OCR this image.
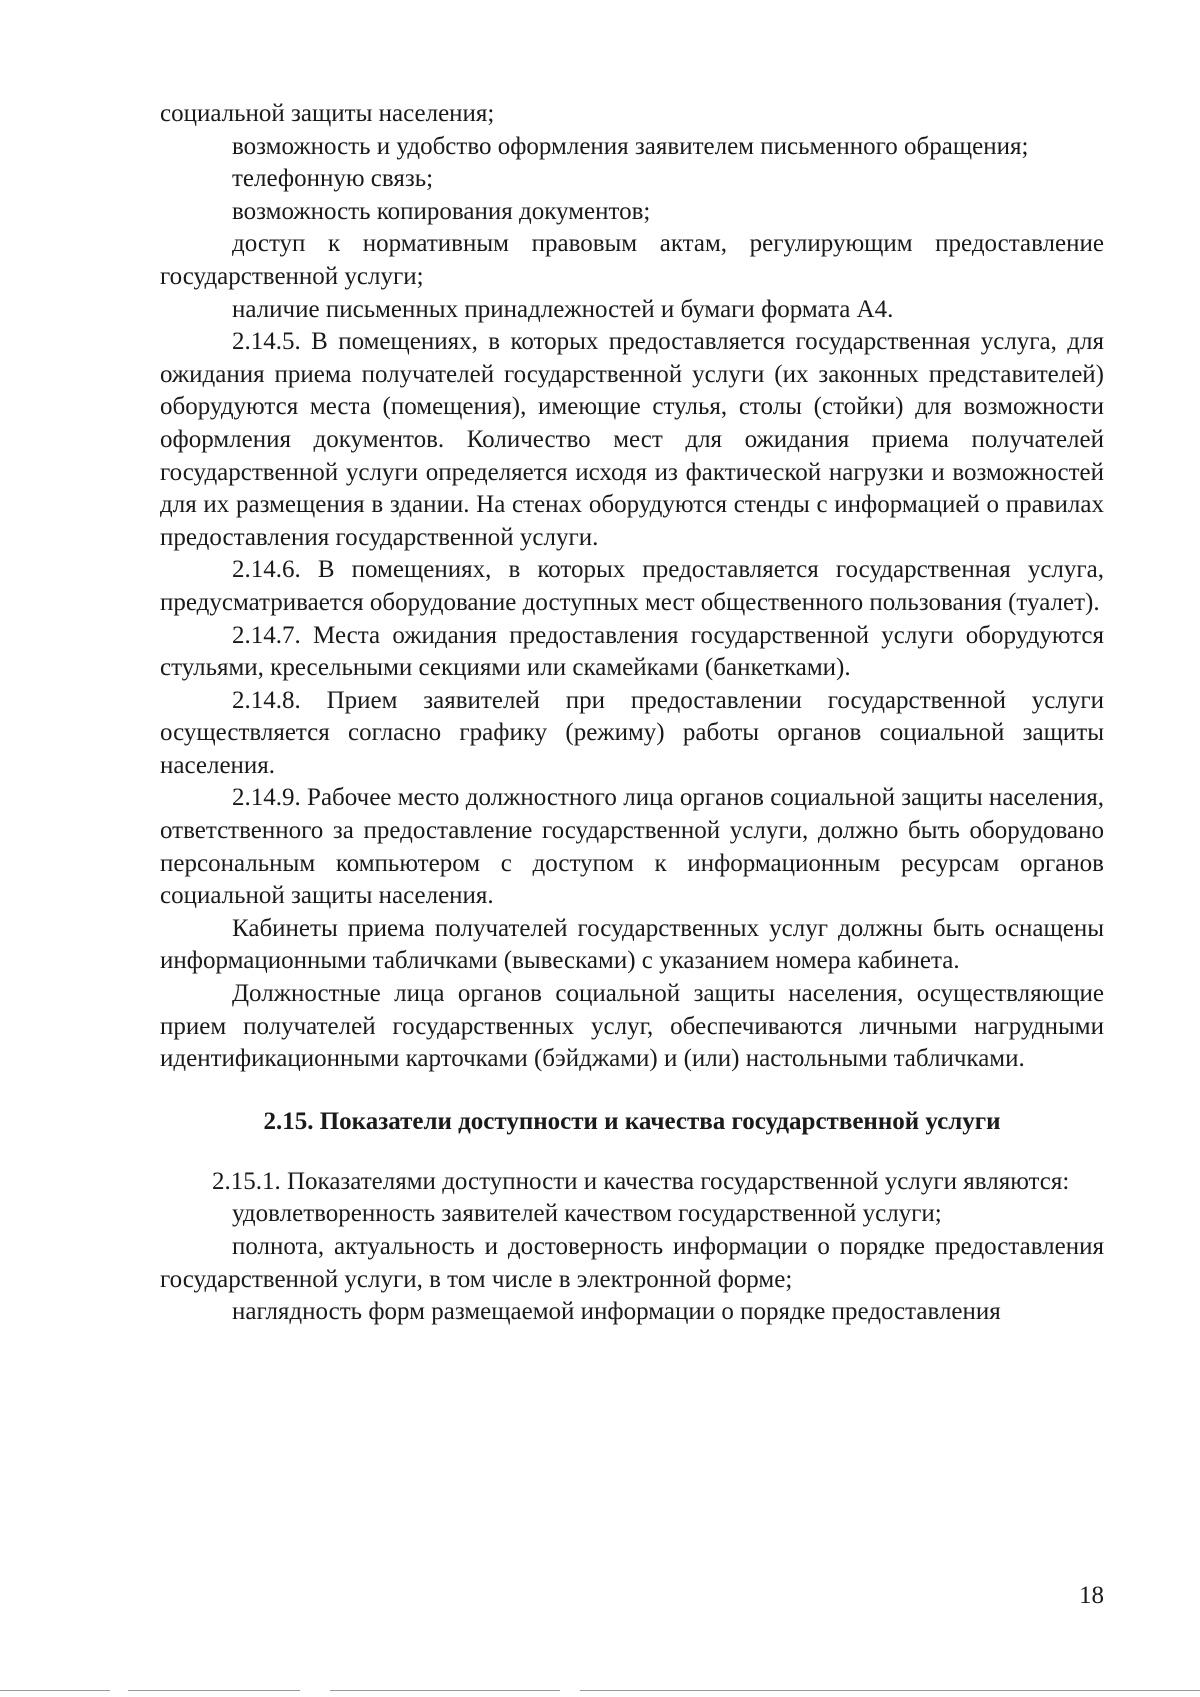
социальной защиты населения;

возможность и удобство оформления заявителем письменного обращения;

телефонную связь;

возможность копирования документов;

доступ к нормативным правовым актам, регулирующим предоставление государственной услуги;

наличие письменных принадлежностей и бумаги формата А4.

2.14.5. В помещениях, в которых предоставляется государственная услуга, для ожидания приема получателей государственной услуги (их законных представителей) оборудуются места (помещения), имеющие стулья, столы (стойки) для возможности оформления документов. Количество мест для ожидания приема получателей государственной услуги определяется исходя из фактической нагрузки и возможностей для их размещения в здании. На стенах оборудуются стенды с информацией о правилах предоставления государственной услуги.

2.14.6. В помещениях, в которых предоставляется государственная услуга, предусматривается оборудование доступных мест общественного пользования (туалет).

2.14.7. Места ожидания предоставления государственной услуги оборудуются стульями, кресельными секциями или скамейками (банкетками).

2.14.8. Прием заявителей при предоставлении государственной услуги осуществляется согласно графику (режиму) работы органов социальной защиты населения.

2.14.9. Рабочее место должностного лица органов социальной защиты населения, ответственного за предоставление государственной услуги, должно быть оборудовано персональным компьютером с доступом к информационным ресурсам органов социальной защиты населения.

Кабинеты приема получателей государственных услуг должны быть оснащены информационными табличками (вывесками) с указанием номера кабинета.

Должностные лица органов социальной защиты населения, осуществляющие прием получателей государственных услуг, обеспечиваются личными нагрудными идентификационными карточками (бэйджами) и (или) настольными табличками.

2.15. Показатели доступности и качества государственной услуги

2.15.1. Показателями доступности и качества государственной услуги являются:

удовлетворенность заявителей качеством государственной услуги;

полнота, актуальность и достоверность информации о порядке предоставления государственной услуги, в том числе в электронной форме;

наглядность форм размещаемой информации о порядке предоставления

18
